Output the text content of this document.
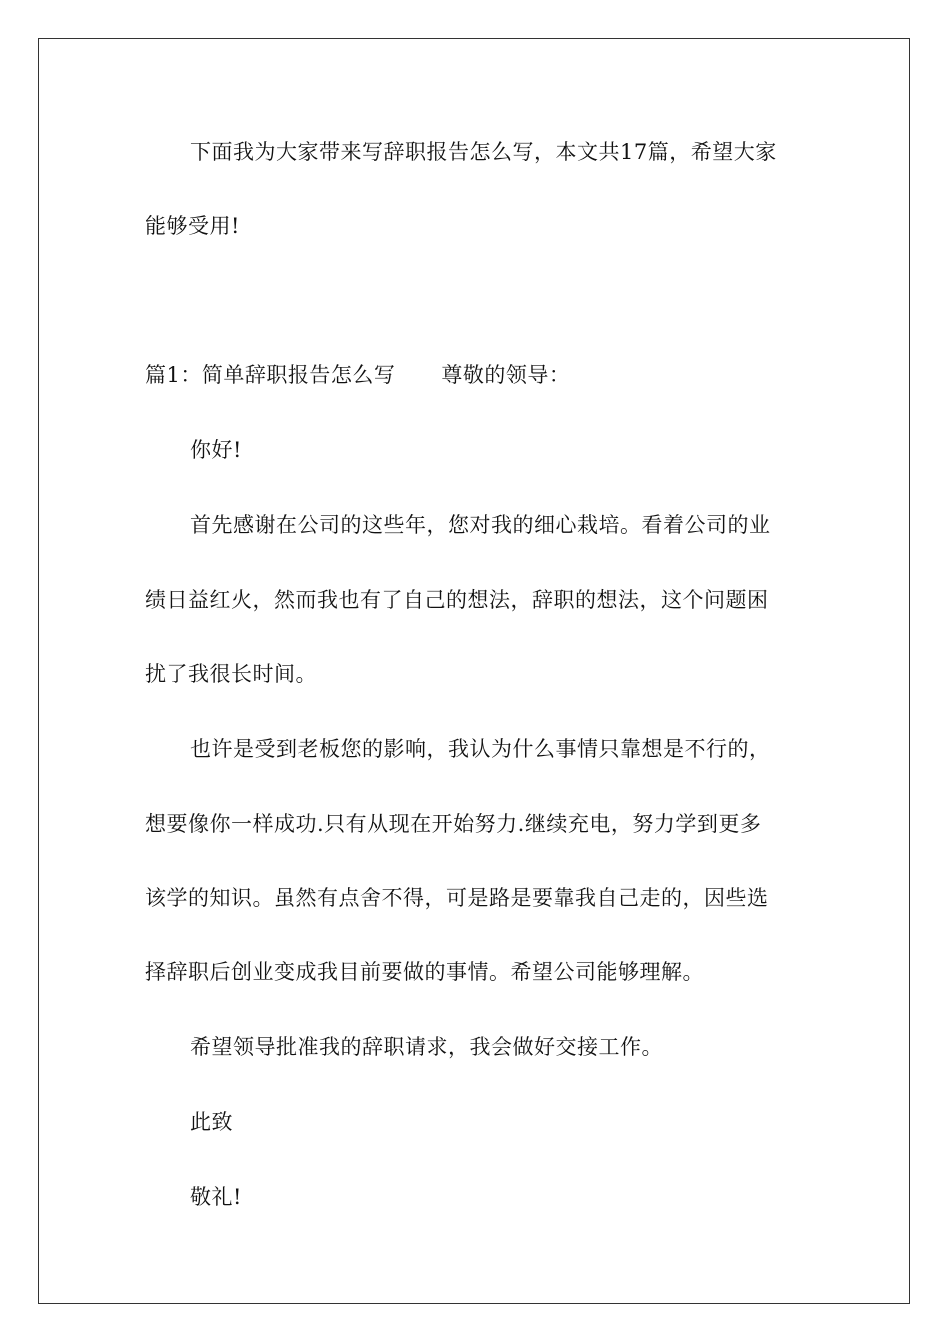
下面我为大家带来写辞职报告怎么写，本文共17篇，希望大家
能够受用!
篇1：简单辞职报告怎么写 尊敬的领导：
你好!
首先感谢在公司的这些年，您对我的细心栽培。看着公司的业
绩日益红火，然而我也有了自己的想法，辞职的想法，这个问题困
扰了我很长时间。
也许是受到老板您的影响，我认为什么事情只靠想是不行的，
想要像你一样成功.只有从现在开始努力.继续充电，努力学到更多
该学的知识。虽然有点舍不得，可是路是要靠我自己走的，因些选
择辞职后创业变成我目前要做的事情。希望公司能够理解。
希望领导批准我的辞职请求，我会做好交接工作。
此致
敬礼!
